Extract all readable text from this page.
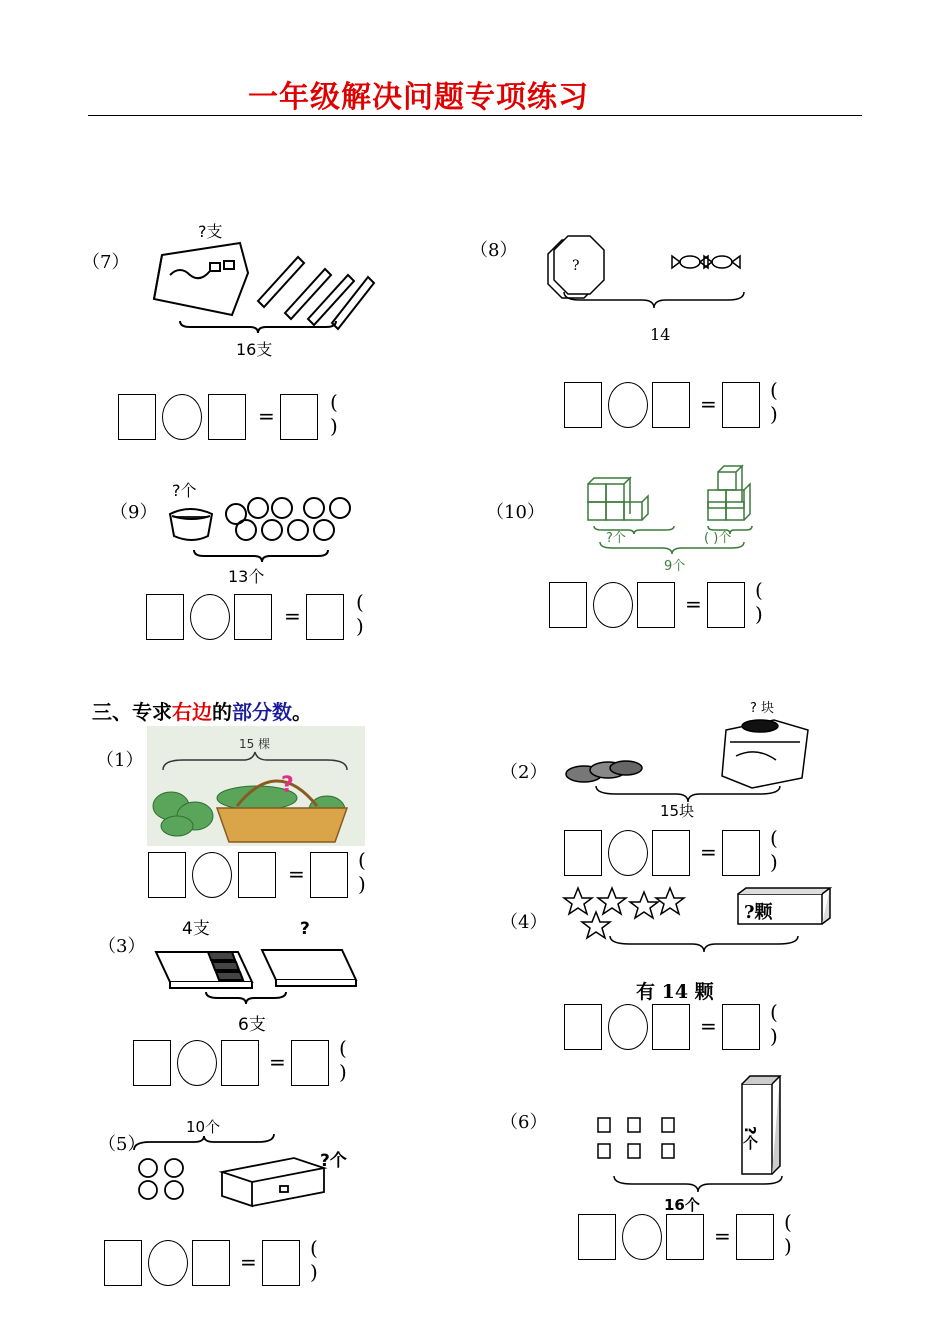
一年级解决问题专项练习
（7）
?支
16支
=
( )
（8）
?
14
=
( )
（9）
?个
13个
=
( )
（10）
?个	( )个
9个
=
( )
三、专求右边的部分数。
（1）
15 棵
?
=
( )
（2）
? 块
15块
=
( )
（3）
4支	?
6支
=
( )
（4）	?颗
有 14 颗
=
( )
（5）
10个
?个
=
( )
（6）
?个
16个
=
( )
